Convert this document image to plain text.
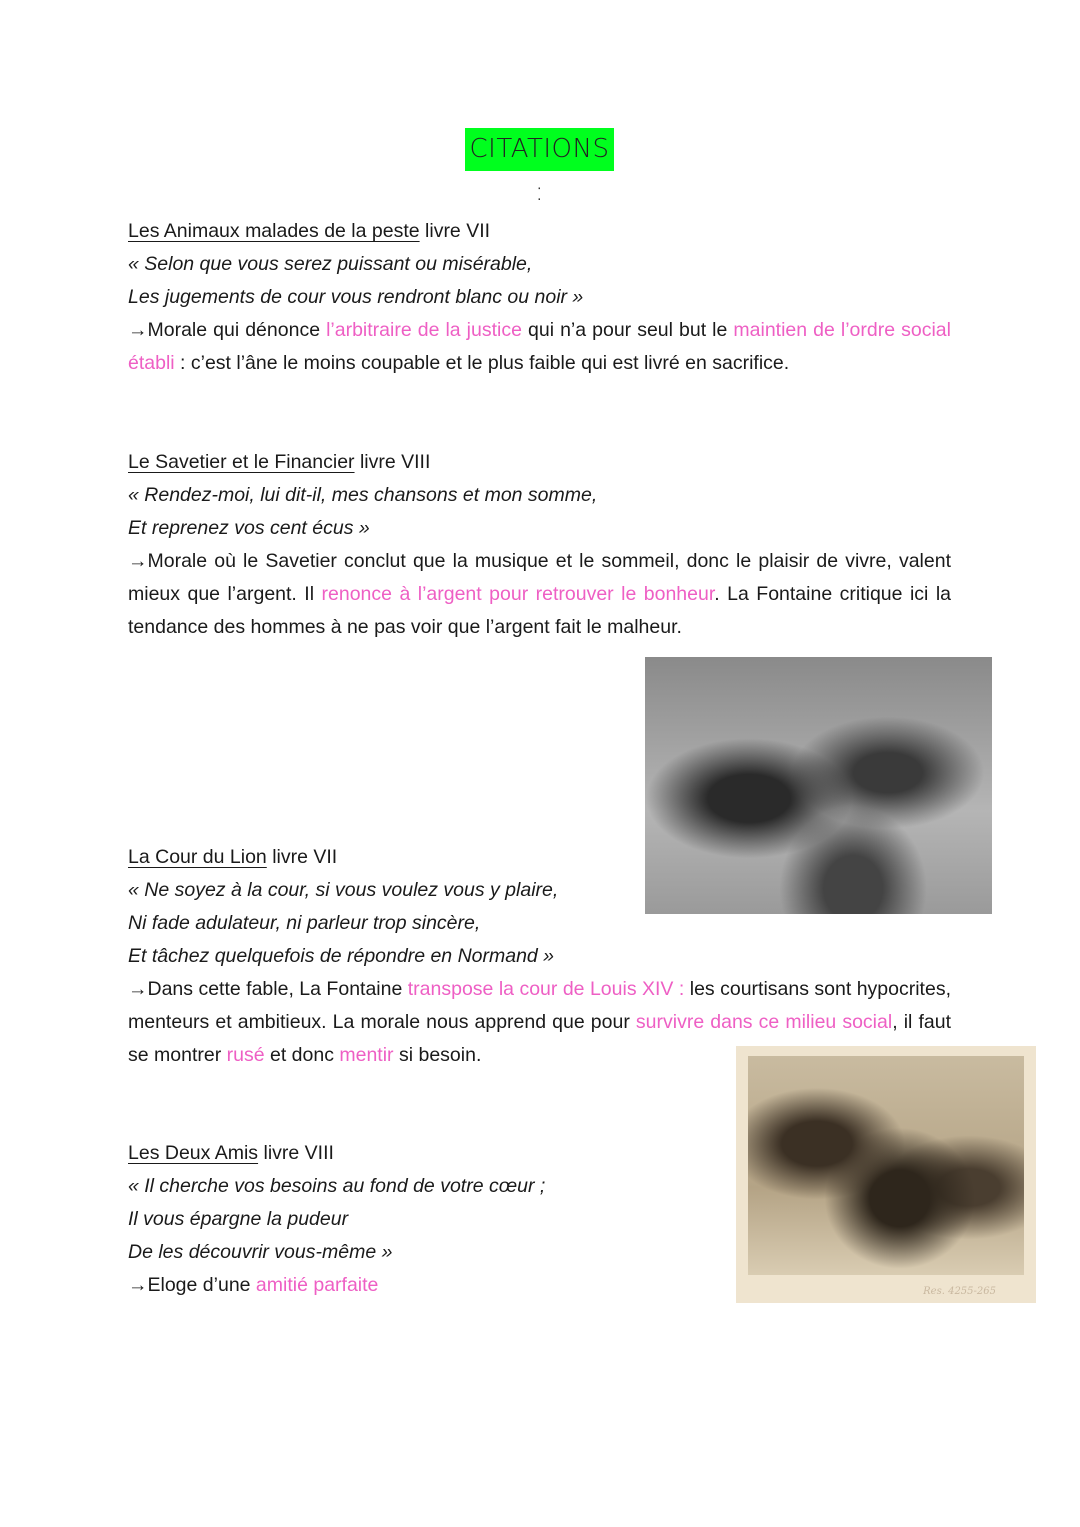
CITATIONS :
Res. 4255-265

Les Animaux malades de la peste livre VII

« Selon que vous serez puissant ou misérable,

Les jugements de cour vous rendront blanc ou noir »

→Morale qui dénonce l’arbitraire de la justice qui n’a pour seul but le maintien de l’ordre social établi : c’est l’âne le moins coupable et le plus faible qui est livré en sacrifice.

Le Savetier et le Financier livre VIII

« Rendez-moi, lui dit-il, mes chansons et mon somme,

Et reprenez vos cent écus »

→Morale où le Savetier conclut que la musique et le sommeil, donc le plaisir de vivre, valent mieux que l’argent. Il renonce à l’argent pour retrouver le bonheur. La Fontaine critique ici la tendance des hommes à ne pas voir que l’argent fait le malheur.

La Cour du Lion livre VII

« Ne soyez à la cour, si vous voulez vous y plaire,

Ni fade adulateur, ni parleur trop sincère,

Et tâchez quelquefois de répondre en Normand »

→Dans cette fable, La Fontaine transpose la cour de Louis XIV : les courtisans sont hypocrites, menteurs et ambitieux. La morale nous apprend que pour survivre dans ce milieu social, il faut se montrer rusé et donc mentir si besoin.

Les Deux Amis livre VIII

« Il cherche vos besoins au fond de votre cœur ;

Il vous épargne la pudeur

De les découvrir vous-même »

→Eloge d’une amitié parfaite
